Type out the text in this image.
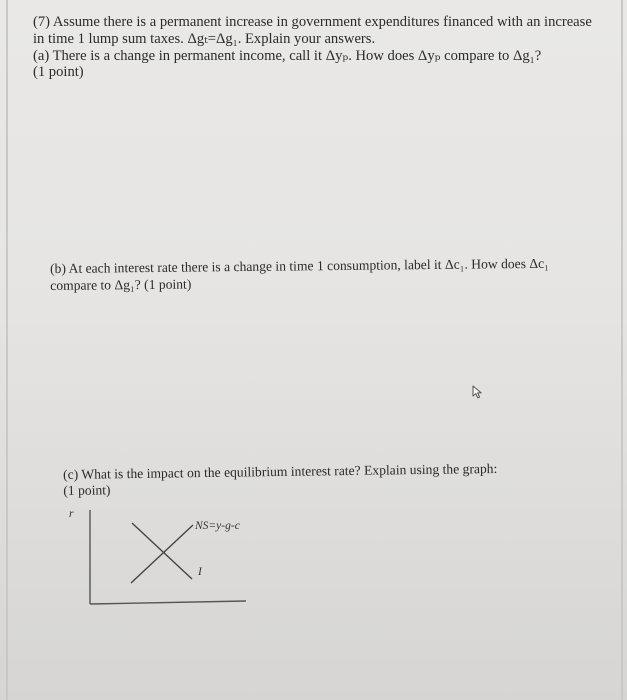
(7) Assume there is a permanent increase in government expenditures financed with an increase
in time 1 lump sum taxes. Δgₜ=Δg₁. Explain your answers.
(a) There is a change in permanent income, call it Δyₚ. How does Δyₚ compare to Δg₁?
(1 point)
(b) At each interest rate there is a change in time 1 consumption, label it Δc₁. How does Δc₁
compare to Δg₁? (1 point)
(c) What is the impact on the equilibrium interest rate? Explain using the graph:
(1 point)
r
NS=y-g-c
I
